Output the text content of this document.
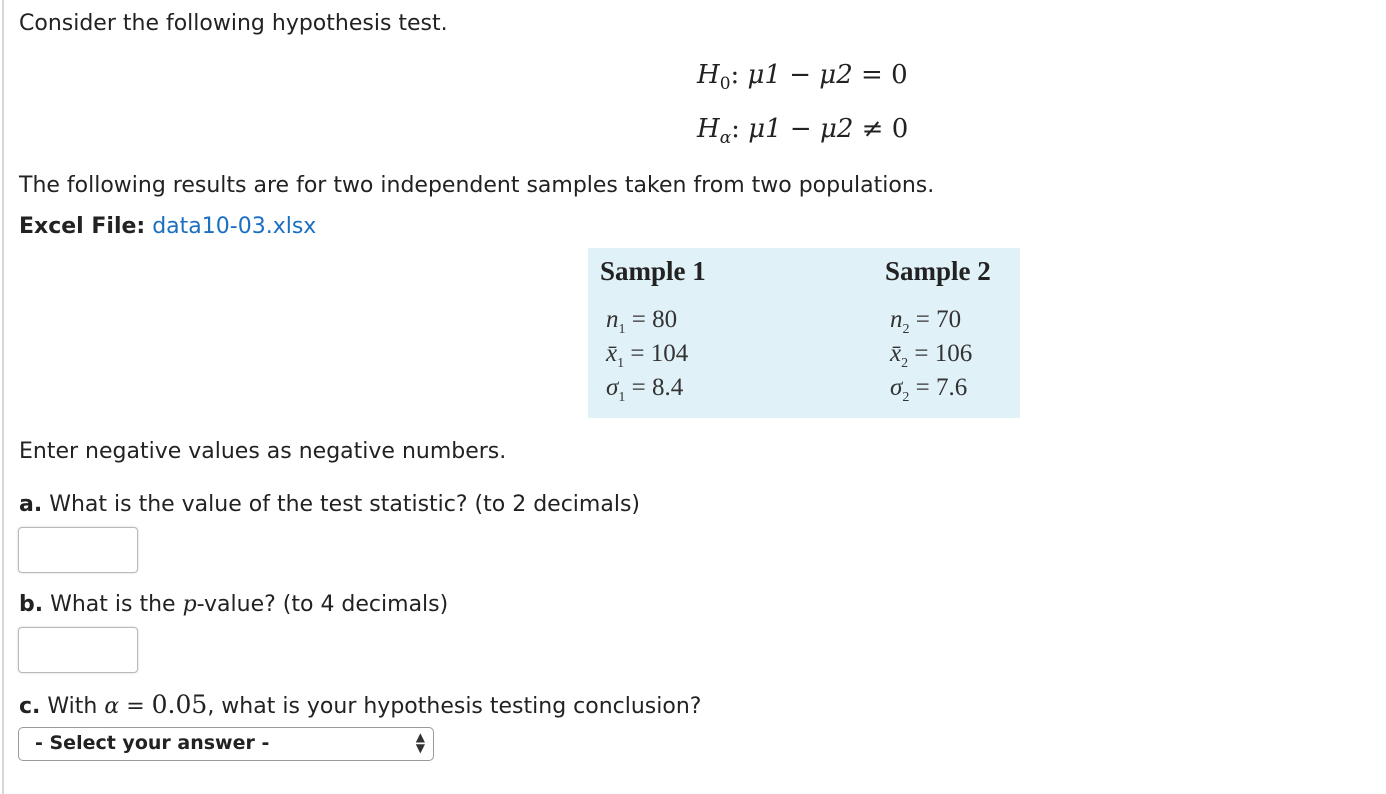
Consider the following hypothesis test.
$H_0$: μ1 − μ2 = 0
$H_\alpha$: μ1 − μ2 ≠ 0
The following results are for two independent samples taken from two populations.
Excel File: data10-03.xlsx
Sample 1	Sample 2
$n_1 = 80$
$x̄_1 = 104$
$\sigma_1 = 8.4$
$n_2 = 70$
$x̄_2 = 106$
$\sigma_2 = 7.6$
Enter negative values as negative numbers.
a. What is the value of the test statistic? (to 2 decimals)
b. What is the p-value? (to 4 decimals)
c. With α = 0.05, what is your hypothesis testing conclusion?
- Select your answer -	▲
▼
